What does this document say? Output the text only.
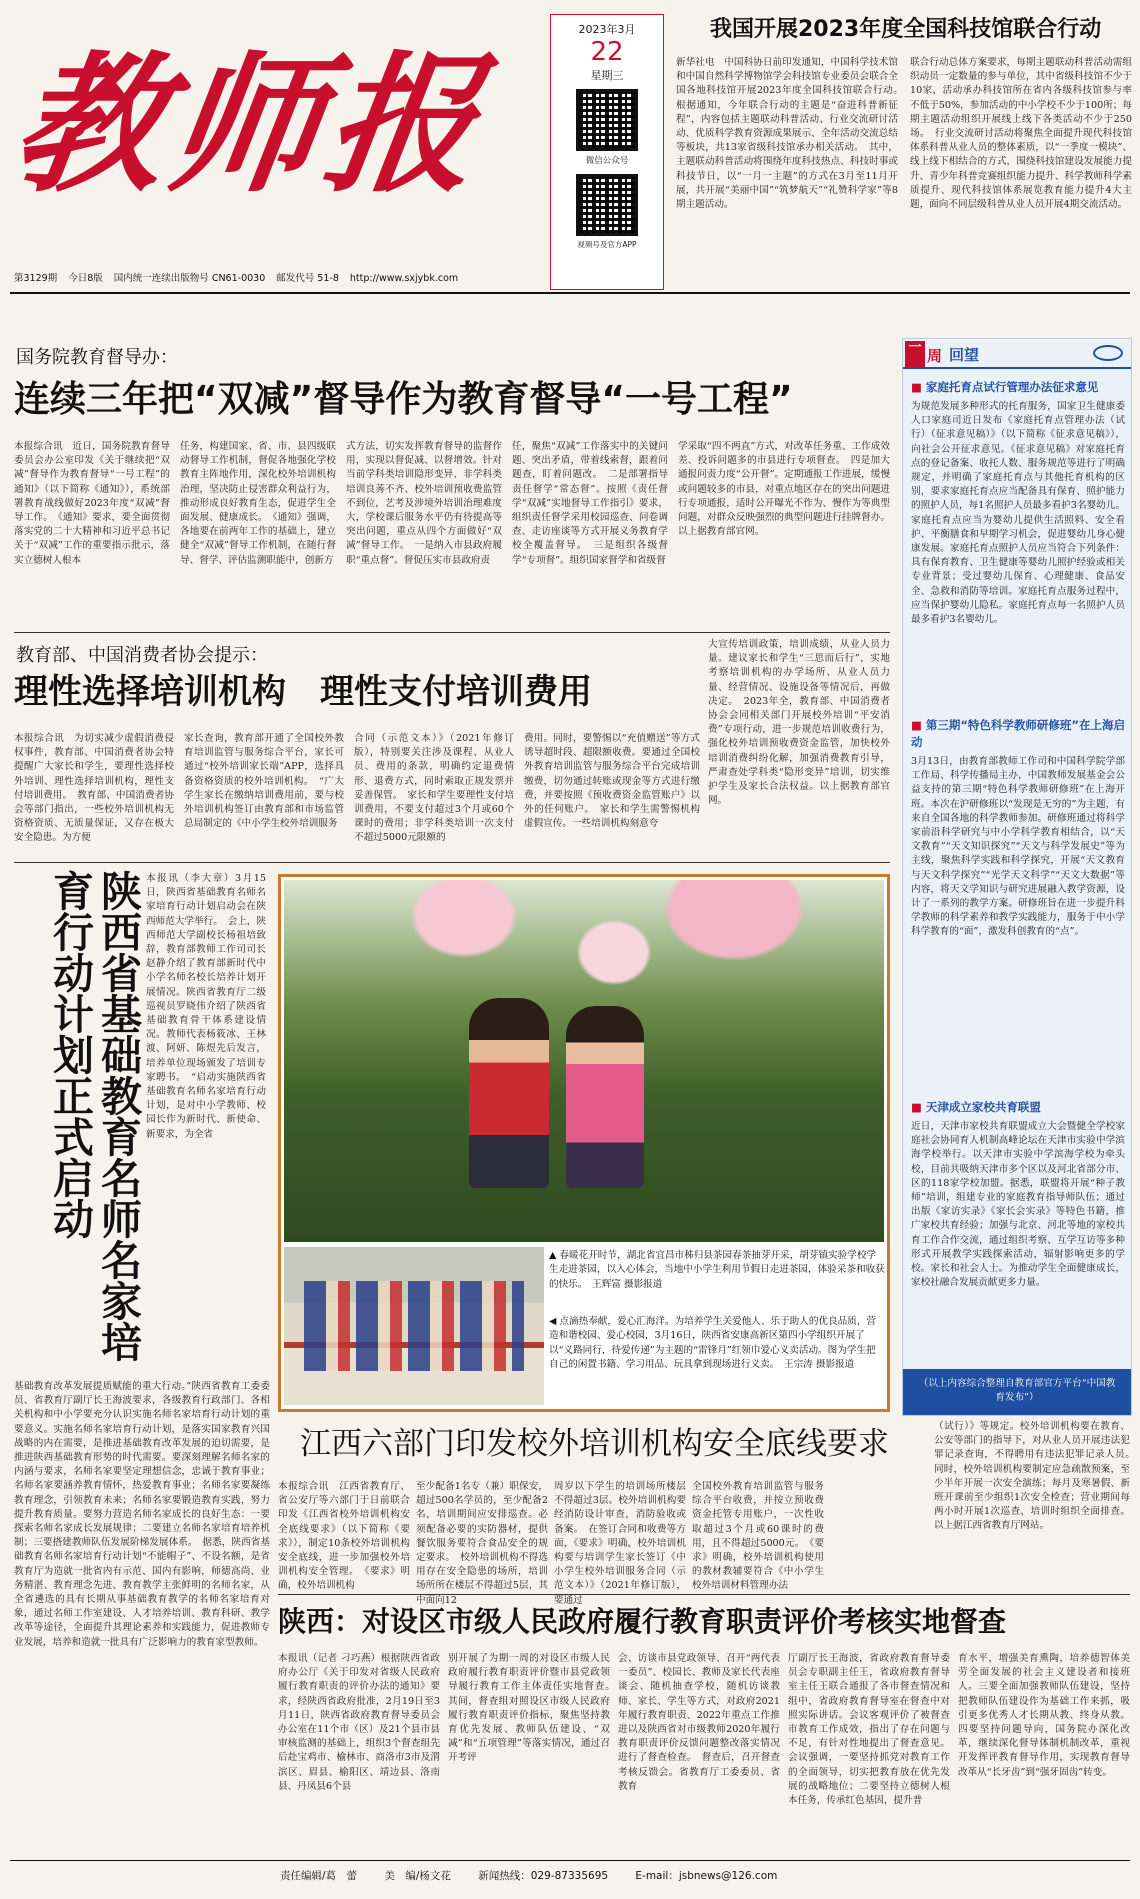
教师报
第3129期 今日8版 国内统一连续出版物号 CN61-0030 邮发代号 51-8 http://www.sxjybk.com
2023年3月
22
星期三
微信公众号
视频号及官方APP
我国开展2023年度全国科技馆联合行动
新华社电　中国科协日前印发通知，中国科学技术馆和中国自然科学博物馆学会科技馆专业委员会联合全国各地科技馆开展2023年度全国科技馆联合行动。　根据通知，今年联合行动的主题是“奋进科普新征程”，内容包括主题联动科普活动、行业交流研讨活动、优质科学教育资源成果展示、全年活动交流总结等板块，共13家省级科技馆承办相关活动。　其中，主题联动科普活动将围绕年度科技热点、科技时事或科技节日，以“一月一主题”的方式在3月至11月开展，共开展“美丽中国”“筑梦航天”“礼赞科学家”等8期主题活动。
联合行动总体方案要求，每期主题联动科普活动需组织动员一定数量的参与单位，其中省级科技馆不少于10家，活动承办科技馆所在省内各级科技馆参与率不低于50%，参加活动的中小学校不少于100所；每期主题活动组织开展线上线下各类活动不少于250场。　行业交流研讨活动将聚焦全面提升现代科技馆体系科普从业人员的整体素质，以“一季度一模块”、线上线下相结合的方式，围绕科技馆建设发展能力提升、青少年科普竞赛组织能力提升、科学教师科学素质提升、现代科技馆体系展览教育能力提升4大主题，面向不同层级科普从业人员开展4期交流活动。
国务院教育督导办：
连续三年把“双减”督导作为教育督导“一号工程”
本报综合讯　近日，国务院教育督导委员会办公室印发《关于继续把“双减”督导作为教育督导“一号工程”的通知》（以下简称《通知》），系统部署教育战线做好2023年度“双减”督导工作。　《通知》要求，要全面贯彻落实党的二十大精神和习近平总书记关于“双减”工作的重要指示批示，落实立德树人根本
任务，构建国家、省、市、县四级联动督导工作机制，督促各地强化学校教育主阵地作用，深化校外培训机构治理，坚决防止侵害群众利益行为，推动形成良好教育生态，促进学生全面发展、健康成长。　《通知》强调，各地要在前两年工作的基础上，建立健全“双减”督导工作机制，在随行督导、督学、评估监测职能中，创新方
式方法，切实发挥教育督导的监督作用，实现以督促减、以督增效。针对当前学科类培训隐形变异、非学科类培训良莠不齐、校外培训预收费监管不到位，艺考及涉境外培训治理难度大，学校课后服务水平仍有待提高等突出问题，重点从四个方面做好“双减”督导工作。　一是纳入市县政府履职“重点督”。督促压实市县政府责
任，聚焦“双减”工作落实中的关键问题、突出矛盾，带着线索督，跟着问题查，盯着问题改。　二是部署指导责任督学“常态督”。按照《责任督学“双减”实地督导工作指引》要求，组织责任督学采用校园巡查、问卷调查、走访座谈等方式开展义务教育学校全覆盖督导。　三是组织各级督学“专项督”。组织国家督学和省级督
学采取“四不两直”方式，对改革任务重、工作成效差、投诉问题多的市县进行专项督查。　四是加大通报问责力度“公开督”。定期通报工作进展，缓慢或问题较多的市县，对重点地区存在的突出问题进行专项通报，适时公开曝光不作为、慢作为等典型问题，对群众反映强烈的典型问题进行挂牌督办。以上据教育部官网。
教育部、中国消费者协会提示：
理性选择培训机构　理性支付培训费用
大宣传培训政策，培训成绩，从业人员力量。建议家长和学生“三思而后行”，实地考察培训机构的办学场所、从业人员力量、经营情况、设施设备等情况后，再做决定。　2023年全，教育部、中国消费者协会会同相关部门开展校外培训“平安消费”专项行动，进一步规范培训收费行为，强化校外培训预收费资金监管，加快校外培训消费纠纷化解，加强消费教育引导，严肃查处学科类“隐形变异”培训，切实维护学生及家长合法权益。以上据教育部官网。
本报综合讯　为切实减少虚假消费侵权事件，教育部、中国消费者协会特提醒广大家长和学生，要理性选择校外培训、理性选择培训机构，理性支付培训费用。　教育部、中国消费者协会等部门指出，一些校外培训机构无资格资质、无质量保证，又存在极大安全隐患。为方便
家长查询，教育部开通了全国校外教育培训监管与服务综合平台，家长可通过“校外培训家长端”APP，选择具备资格资质的校外培训机构。　“广大学生家长在缴纳培训费用前，要与校外培训机构签订由教育部和市场监管总局制定的《中小学生校外培训服务
合同（示范文本）》（2021年修订版），特别要关注涉及课程、从业人员、费用的条款，明确约定退费情形、退费方式，同时索取正规发票并妥善保管。　家长和学生要理性支付培训费用，不要支付超过3个月或60个课时的费用；非学科类培训一次支付不超过5000元限额的
费用。同时，要警惕以“充值赠送”等方式诱导超时段、超限额收费。要通过全国校外教育培训监管与服务综合平台完成培训缴费，切勿通过转账或现金等方式进行缴费，并要按照《预收费资金监管账户》以外的任何账户。　家长和学生需警惕机构虚假宣传。一些培训机构刻意夸
陕西省基础教育名师名家培育行动计划正式启动	本报讯（李大章）3月15日，陕西省基础教育名师名家培育行动计划启动会在陕西师范大学举行。　会上，陕西师范大学副校长杨祖培致辞，教育部教师工作司司长赵静介绍了教育部新时代中小学名师名校长培养计划开展情况。陕西省教育厅二级巡视员罗晓伟介绍了陕西省基础教育骨干体系建设情况。教师代表杨筱冰、王林渡、阿妍、陈煜先后发言，培养单位现场颁发了培训专家聘书。　“启动实施陕西省基础教育名师名家培育行动计划，是对中小学教师、校园长作为新时代、新使命、新要求，为全省
基础教育改革发展提质赋能的重大行动。”陕西省教育工委委员、省教育厅副厅长王海波要求，各级教育行政部门、各相关机构和中小学要充分认识实施名师名家培育行动计划的重要意义。实施名师名家培育行动计划，是落实国家教育兴国战略的内在需要，是推进基础教育改革发展的迫切需要，是推进陕西基础教育形势的时代需要。要深刻理解名师名家的内涵与要求，名师名家要坚定理想信念，忠诚于教育事业；名师名家要涵养教育情怀，热爱教育事业；名师名家要凝练教育理念，引领教育未来；名师名家要锻造教育实践，努力提升教育质量。要努力营造名师名家成长的良好生态：一要探索名师名家成长发展规律；二要建立名师名家培育培养机制；三要搭建教师队伍发展阶梯发展体系。　据悉，陕西省基础教育名师名家培育行动计划“不能帽子”、不设名额，是省教育厅为造就一批省内有示范、国内有影响，师德高尚、业务精湛、教育理念先进、教育教学主张鲜明的名师名家，从全省遴选的具有长期从事基础教育教学的名师名家培育对象，通过名师工作室建设、人才培养培训、教育科研、教学改革等途径，全面提升其理论素养和实践能力，促进教师专业发展，培养和造就一批具有广泛影响力的教育家型教师。
▲ 春暖花开时节，湖北省宜昌市秭归县茶园春茶抽芽开采，胡芽镇实验学校学生走进茶园，以入心体会，当地中小学生利用节假日走进茶园，体验采茶和收获的快乐。　王辉富 摄影报道
◀ 点滴热奉献，爱心汇海洋。为培养学生关爱他人、乐于助人的优良品质，营造和谐校园、爱心校园，3月16日，陕西省安康高新区第四小学组织开展了以“义路同行，待爱传递”为主题的“雷锋月”红领巾爱心义卖活动。图为学生把自己的闲置书籍、学习用品、玩具拿到现场进行义卖。　王宗涛 摄影报道
江西六部门印发校外培训机构安全底线要求
本报综合讯　江西省教育厅、省公安厅等六部门于日前联合印发《江西省校外培训机构安全底线要求》（以下简称《要求》），制定10条校外培训机构安全底线，进一步加强校外培训机构安全管理。　《要求》明确，校外培训机构
至少配备1名专（兼）职保安，超过500名学员的，至少配备2名，培训期间应安排巡查。必须配备必要的实防器材，提供餐饮服务要符合食品安全的规定要求。　校外培训机构不得选用存在安全隐患的场所，培训场所所在楼层不得超过5层，其中面向12
周岁以下学生的培训场所楼层不得超过3层。校外培训机构要经消防设计审查，消防验收或备案。　在签订合同和收费等方面，《要求》明确，校外培训机构要与培训学生家长签订《中小学生校外培训服务合同（示范文本）》（2021年修订版），要通过
全国校外教育培训监管与服务综合平台收费，并按立预收费资金托管专用账户，一次性收取超过3个月或60课时的费用，且不得超过5000元。　《要求》明确，校外培训机构使用的教材教辅要符合《中小学生校外培训材料管理办法
（试行）》等规定。校外培训机构要在教育、公安等部门的指导下，对从业人员开展违法犯罪记录查询，不得聘用有违法犯罪记录人员。　同时，校外培训机构要制定应急疏散预案，至少半年开展一次安全演练；每月及寒暑假、新班开课前至少组织1次安全检查；营业期间每两小时开展1次巡查，培训时组织全面排查。以上据江西省教育厅网站。
陕西：对设区市级人民政府履行教育职责评价考核实地督查
本报讯（记者 刁巧燕）根据陕西省政府办公厅《关于印发对省级人民政府履行教育职责的评价办法的通知》要求，经陕西省政府批准，2月19日至3月11日，陕西省政府教育督导委员会办公室在11个市（区）及21个县市县审核监测的基础上，组织3个督查组先后赴宝鸡市、榆林市、商洛市3市及渭滨区、眉县、榆阳区、靖边县、洛南县、丹凤县6个县
别开展了为期一周的对设区市级人民政府履行教育职责评价暨市县党政领导履行教育工作主体责任实地督查。　其间，督查组对照设区市级人民政府履行教育职责评价指标，聚焦坚持教育优先发展、教师队伍建设、“双减”和“五项管理”等落实情况，通过召开考评
会、访谈市县党政领导、召开“两代表一委员”、校园长、教师及家长代表座谈会、随机抽查学校，随机访谈教师、家长、学生等方式，对政府2021年履行教育职责、2022年重点工作推进以及陕西省对市级教师2020年履行教育职责评价反馈问题整改落实情况进行了督查检查。　督查后，召开督查考核反馈会。省教育厅工委委员、省教育
厅副厅长王海波，省政府教育督导委员会专职副主任王，省政府教育督导室主任王联合通报了各市督查情况和组中，省政府教育督导室在督查中对照实际讲话。会议客观评价了被督查市教育工作成效，指出了存在问题与不足，有针对性地提出了督查意见。会议强调，一要坚持抓党对教育工作的全面领导，切实把教育放在优先发展的战略地位；二要坚持立德树人根本任务，传承红色基因，提升普
育水平，增强美育熏陶，培养德智体美劳全面发展的社会主义建设者和接班人。三要全面加强教师队伍建设，坚持把教师队伍建设作为基础工作来抓，吸引更多优秀人才长期从教、终身从教。四要坚持问题导向，国务院办深化改革，继续深化督导体制机制改革，重视开发挥评教育督导作用，实现教育督导改革从“长牙齿”到“强牙固齿”转变。
一 周 回望
■ 家庭托育点试行管理办法征求意见
为规范发展多种形式的托育服务，国家卫生健康委人口家庭司近日发布《家庭托育点管理办法（试行）（征求意见稿）》（以下简称《征求意见稿》），向社会公开征求意见。《征求意见稿》对家庭托育点的登记备案、收托人数、服务规范等进行了明确规定，并明确了家庭托育点与其他托育机构的区别，要求家庭托育点应当配备具有保育、照护能力的照护人员，每1名照护人员最多看护3名婴幼儿。家庭托育点应当为婴幼儿提供生活照料、安全看护、平衡膳食和早期学习机会，促进婴幼儿身心健康发展。家庭托育点照护人员应当符合下列条件：具有保育教育、卫生健康等婴幼儿照护经验或相关专业背景；受过婴幼儿保育、心理健康、食品安全、急救和消防等培训。家庭托育点服务过程中，应当保护婴幼儿隐私。家庭托育点每一名照护人员最多看护3名婴幼儿。
■ 第三期“特色科学教师研修班”在上海启动
3月13日，由教育部教师工作司和中国科学院学部工作局、科学传播局主办，中国教师发展基金会公益支持的第三期“特色科学教师研修班”在上海开班。本次在沪研修班以“发现是无穷的”为主题，有来自全国各地的科学教师参加。研修班通过将科学家前沿科学研究与中小学科学教育相结合，以“天文教育”“天文知识探究”“天文与科学发展史”等为主线，聚焦科学实践和科学探究，开展“天文教育与天文科学探究”“光学天文科学”“天文大数据”等内容，将天文学知识与研究进展融入教学资源，设计了一系列的教学方案。研修班旨在进一步提升科学教师的科学素养和教学实践能力，服务于中小学科学教育的“面”，激发科创教育的“点”。
■ 天津成立家校共育联盟
近日，天津市家校共育联盟成立大会暨健全学校家庭社会协同育人机制高峰论坛在天津市实验中学滨海学校举行。以天津市实验中学滨海学校为牵头校，目前共吸纳天津市多个区以及河北省部分市、区的118家学校加盟。据悉，联盟将开展“种子教师”培训，组建专业的家庭教育指导师队伍；通过出版《家访实录》《家长会实录》等特色书籍，推广家校共育经验；加强与北京、河北等地的家校共育工作合作交流，通过组织考察、互学互访等多种形式开展教学实践探索活动，辐射影响更多的学校。家长和社会人士。为推动学生全面健康成长，家校社融合发展贡献更多力量。
（以上内容综合整理自教育部官方平台“中国教育发布”）
责任编辑/葛　蕾	美　编/杨文花	新闻热线：029-87335695	E-mail：jsbnews@126.com
